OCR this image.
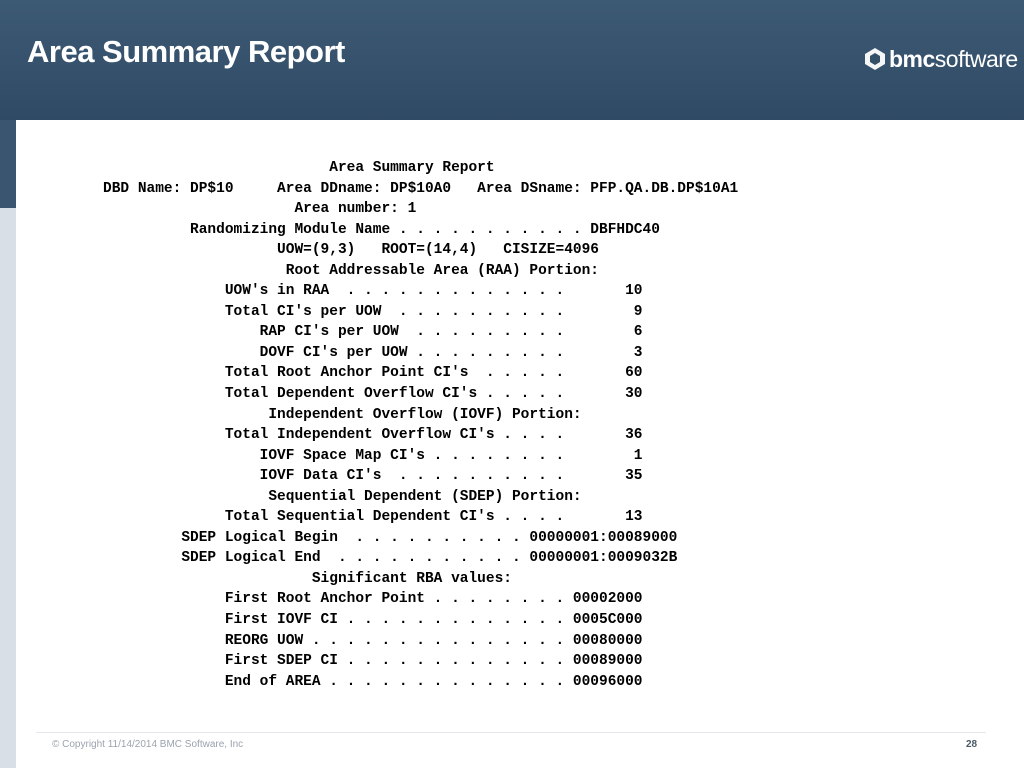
Area Summary Report	bmc software
Area Summary Report
DBD Name: DP$10     Area DDname: DP$10A0   Area DSname: PFP.QA.DB.DP$10A1
Area number: 1
Randomizing Module Name . . . . . . . . . . . DBFHDC40
UOW=(9,3)   ROOT=(14,4)   CISIZE=4096
Root Addressable Area (RAA) Portion:
UOW's in RAA  . . . . . . . . . . . . .       10
Total CI's per UOW  . . . . . . . . . .        9
RAP CI's per UOW  . . . . . . . . .        6
DOVF CI's per UOW . . . . . . . . .        3
Total Root Anchor Point CI's  . . . . .       60
Total Dependent Overflow CI's . . . . .       30
Independent Overflow (IOVF) Portion:
Total Independent Overflow CI's . . . .       36
IOVF Space Map CI's . . . . . . . .        1
IOVF Data CI's  . . . . . . . . . .       35
Sequential Dependent (SDEP) Portion:
Total Sequential Dependent CI's . . . .       13
SDEP Logical Begin  . . . . . . . . . . 00000001:00089000
SDEP Logical End  . . . . . . . . . . . 00000001:0009032B
Significant RBA values:
First Root Anchor Point . . . . . . . . 00002000
First IOVF CI . . . . . . . . . . . . . 0005C000
REORG UOW . . . . . . . . . . . . . . . 00080000
First SDEP CI . . . . . . . . . . . . . 00089000
End of AREA . . . . . . . . . . . . . . 00096000
© Copyright 11/14/2014 BMC Software, Inc	28
